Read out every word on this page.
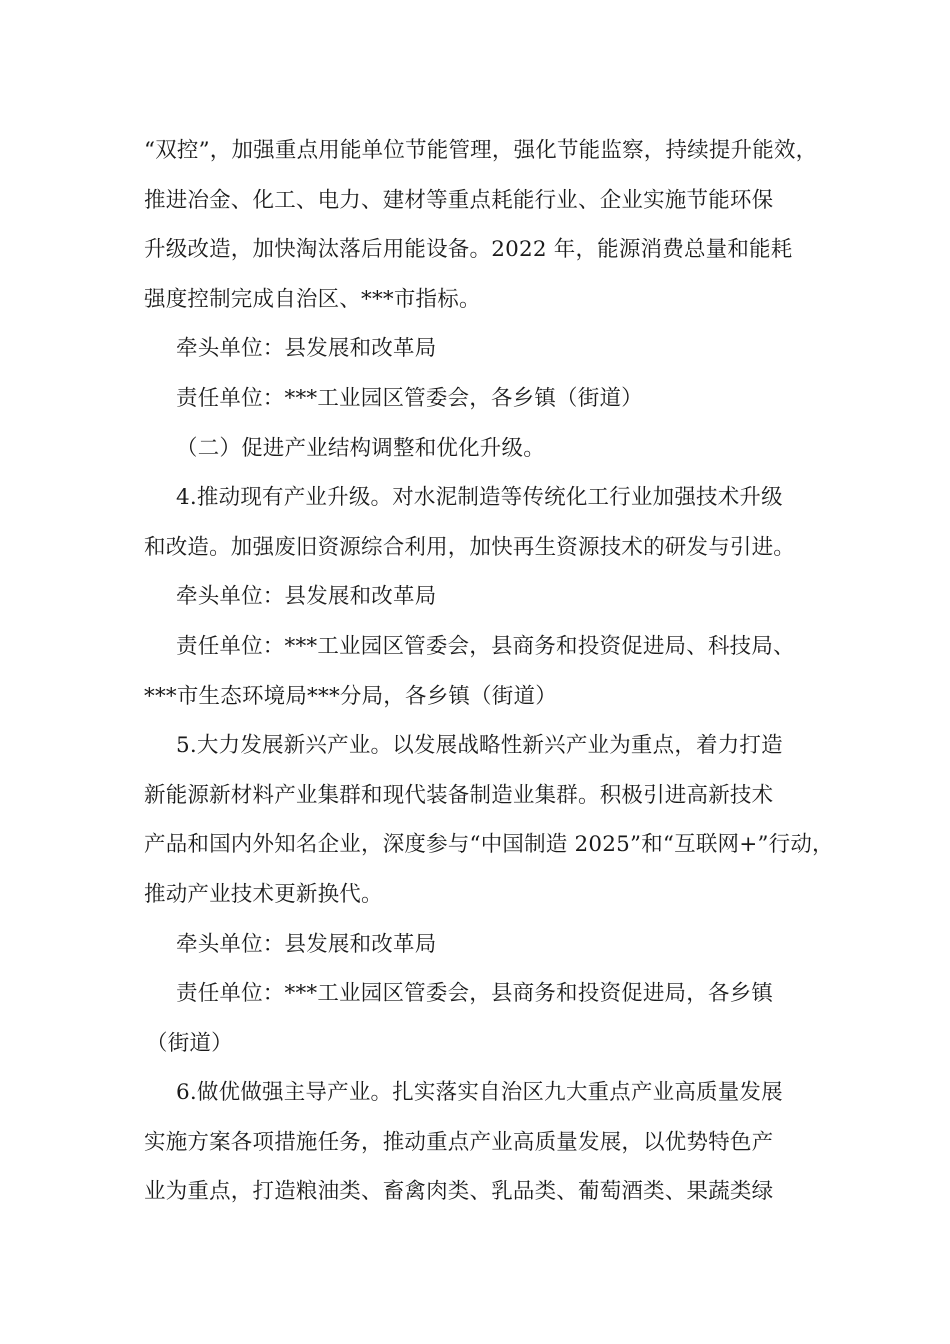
“双控”，加强重点用能单位节能管理，强化节能监察，持续提升能效，
推进冶金、化工、电力、建材等重点耗能行业、企业实施节能环保
升级改造，加快淘汰落后用能设备。2022 年，能源消费总量和能耗
强度控制完成自治区、***市指标。
牵头单位：县发展和改革局
责任单位：***工业园区管委会，各乡镇（街道）
（二）促进产业结构调整和优化升级。
4.推动现有产业升级。对水泥制造等传统化工行业加强技术升级
和改造。加强废旧资源综合利用，加快再生资源技术的研发与引进。
牵头单位：县发展和改革局
责任单位：***工业园区管委会，县商务和投资促进局、科技局、
***市生态环境局***分局，各乡镇（街道）
5.大力发展新兴产业。以发展战略性新兴产业为重点，着力打造
新能源新材料产业集群和现代装备制造业集群。积极引进高新技术
产品和国内外知名企业，深度参与“中国制造 2025”和“互联网+”行动，
推动产业技术更新换代。
牵头单位：县发展和改革局
责任单位：***工业园区管委会，县商务和投资促进局，各乡镇
（街道）
6.做优做强主导产业。扎实落实自治区九大重点产业高质量发展
实施方案各项措施任务，推动重点产业高质量发展，以优势特色产
业为重点，打造粮油类、畜禽肉类、乳品类、葡萄酒类、果蔬类绿
